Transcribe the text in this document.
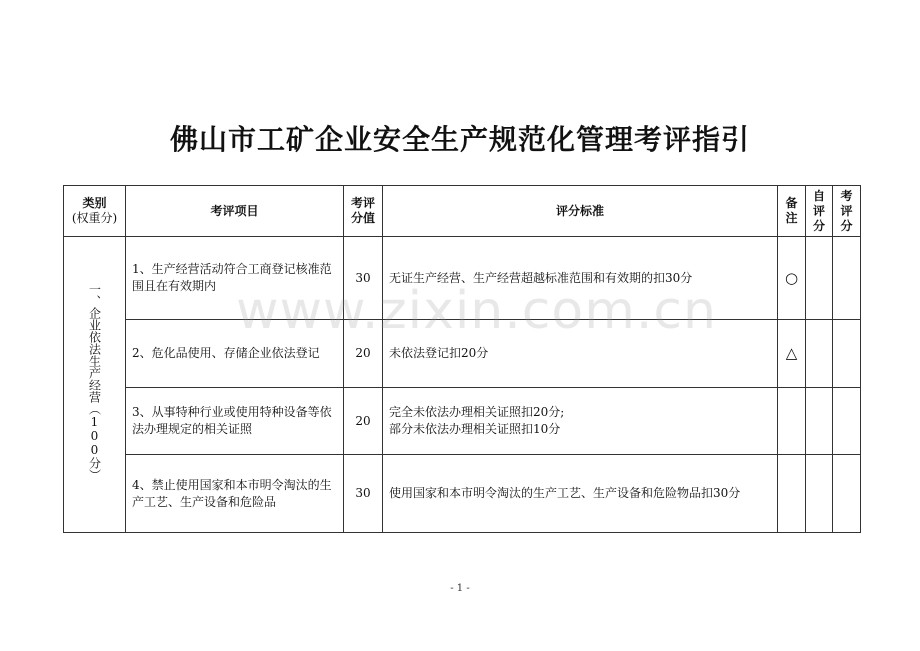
佛山市工矿企业安全生产规范化管理考评指引
类别
(权重分)	考评项目	考评分值	评分标准	备注	自评分	考评分

一、企业依法生产经营（100分）	1、生产经营活动符合工商登记核准范围且在有效期内	30	无证生产经营、生产经营超越标准范围和有效期的扣30分	○		
	2、危化品使用、存储企业依法登记	20	未依法登记扣20分	△		
	3、从事特种行业或使用特种设备等依法办理规定的相关证照	20	完全未依法办理相关证照扣20分;
部分未依法办理相关证照扣10分			

	4、禁止使用国家和本市明令淘汰的生产工艺、生产设备和危险品	30	使用国家和本市明令淘汰的生产工艺、生产设备和危险物品扣30分			
www.zixin.com.cn
- 1 -
